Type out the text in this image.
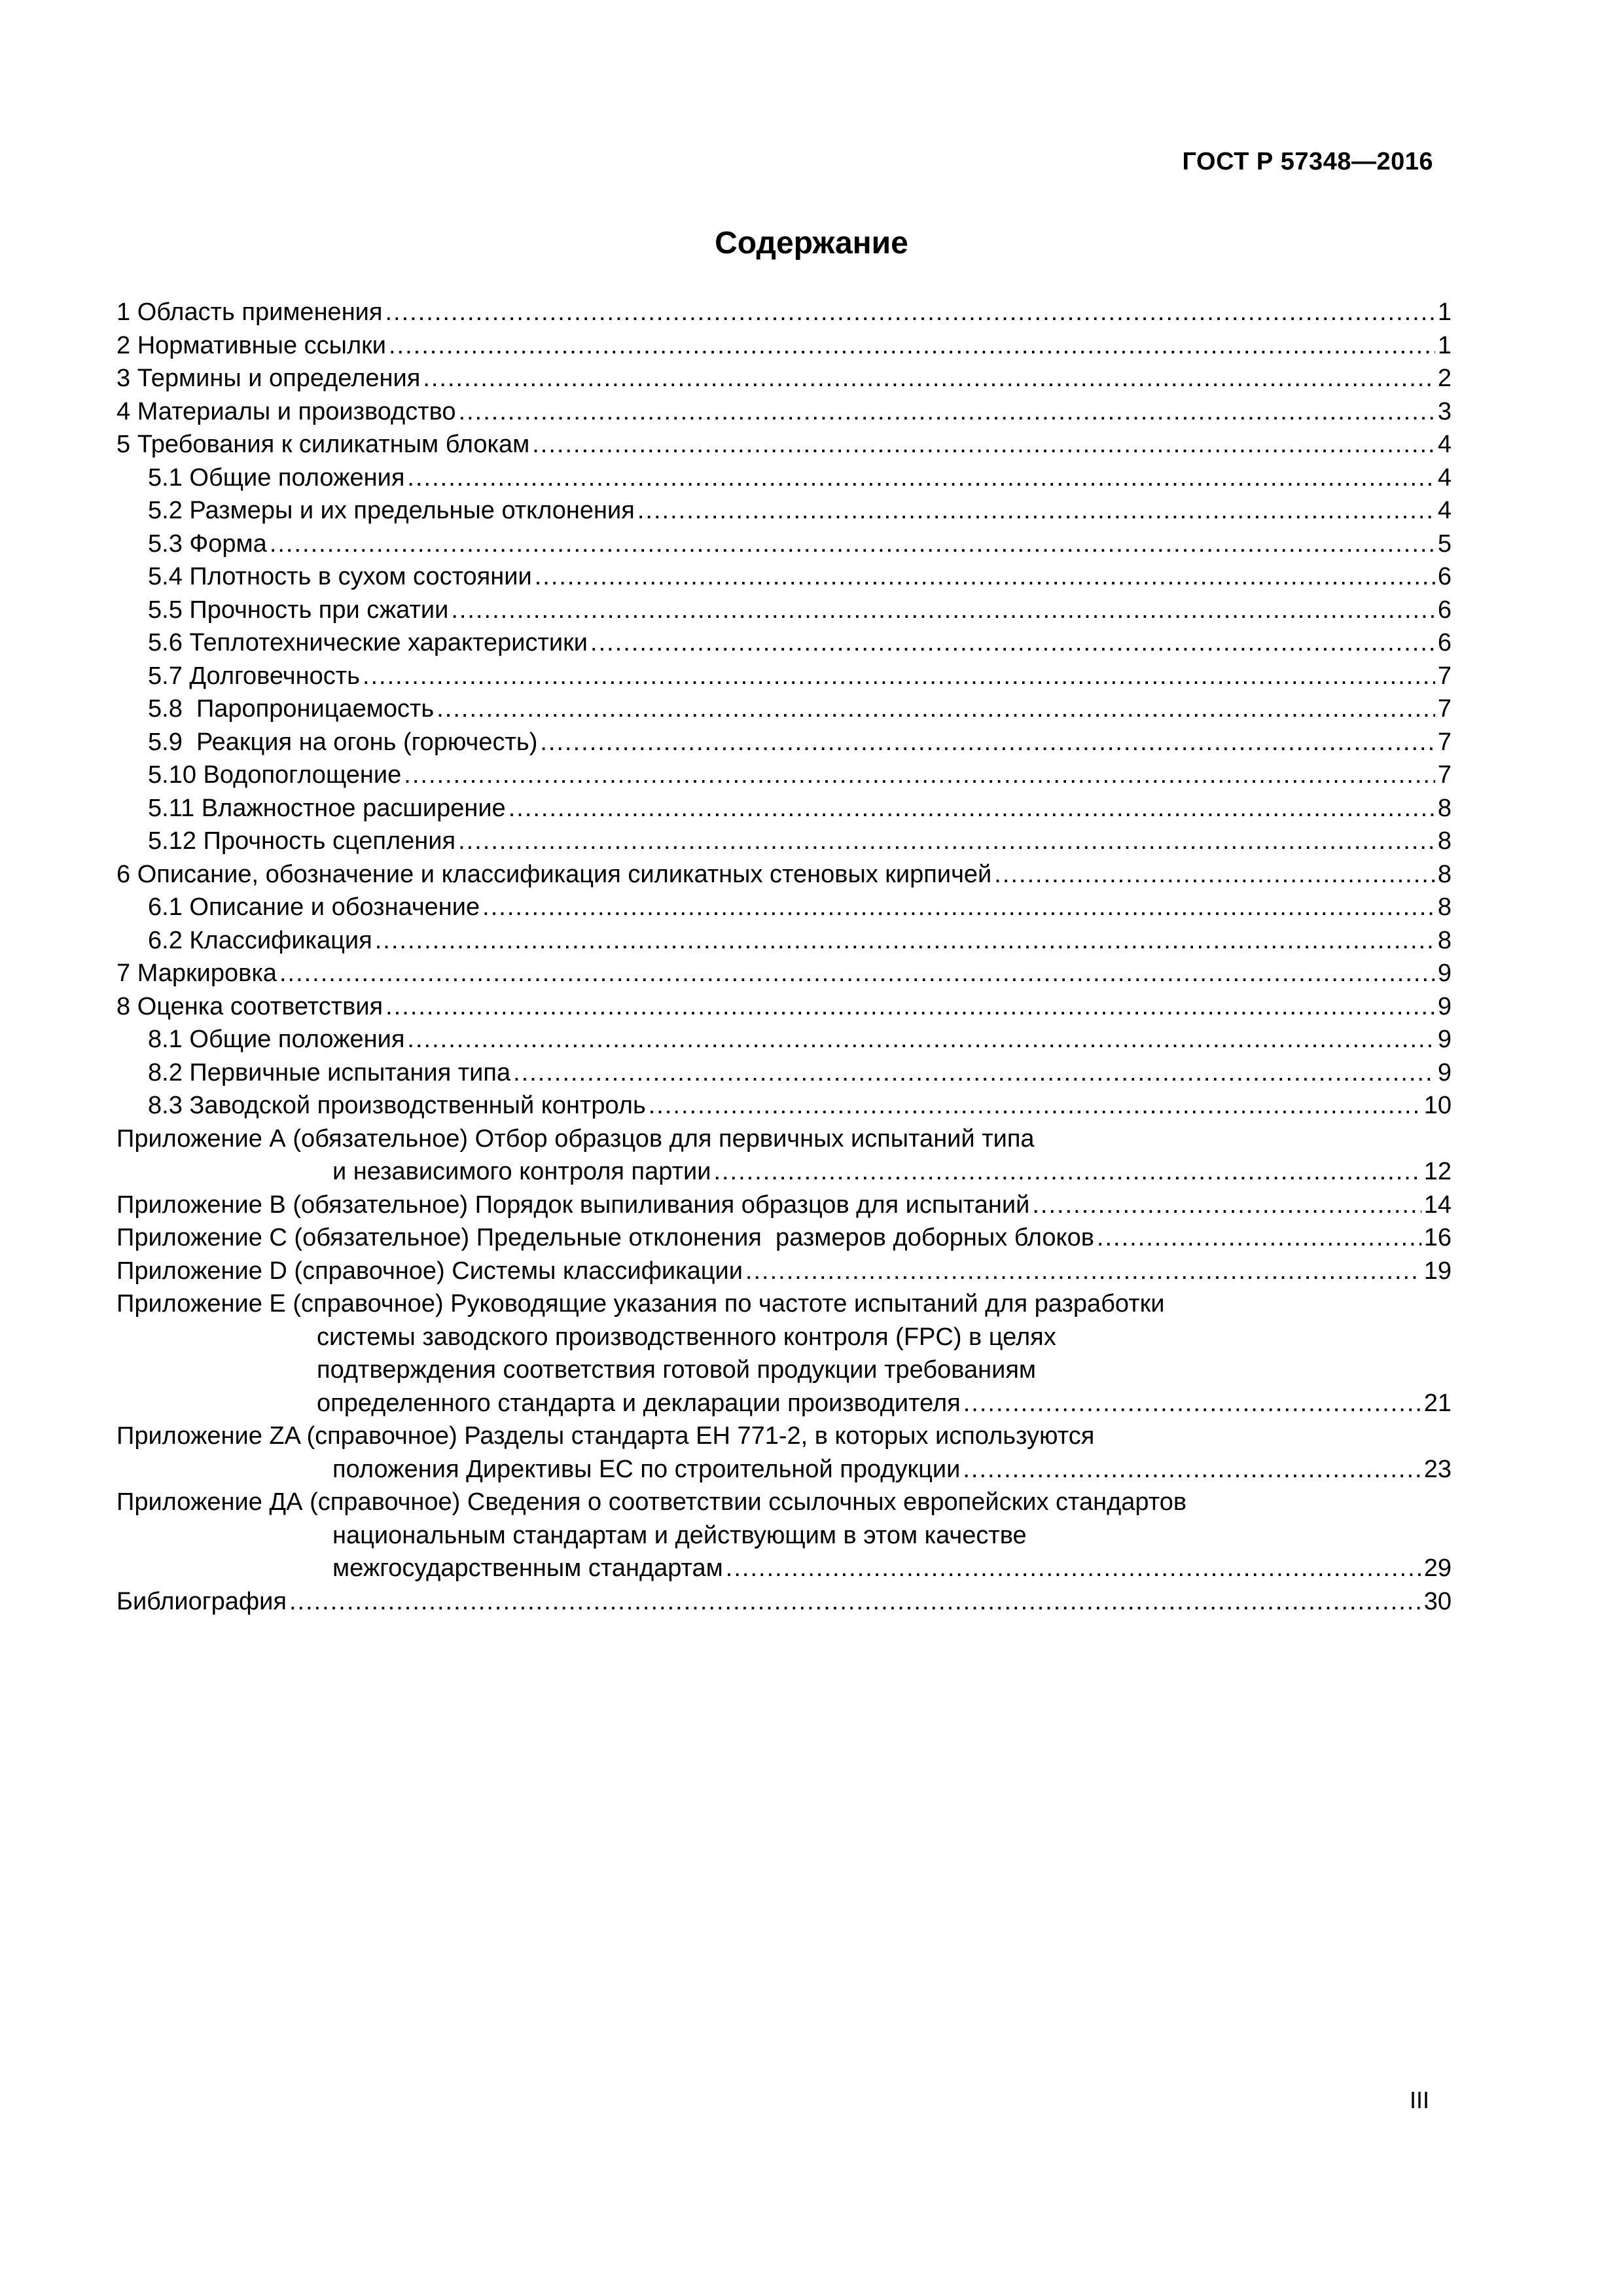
ГОСТ Р 57348—2016
Содержание
1 Область применения .....	1
2 Нормативные ссылки .....	1
3 Термины и определения .....	2
4 Материалы и производство .....	3
5 Требования к силикатным блокам .....	4
5.1 Общие положения .....	4
5.2 Размеры и их предельные отклонения .....	4
5.3 Форма .....	5
5.4 Плотность в сухом состоянии .....	6
5.5 Прочность при сжатии .....	6
5.6 Теплотехнические характеристики .....	6
5.7 Долговечность .....	7
5.8  Паропроницаемость .....	7
5.9  Реакция на огонь (горючесть) .....	7
5.10 Водопоглощение .....	7
5.11 Влажностное расширение .....	8
5.12 Прочность сцепления .....	8
6 Описание, обозначение и классификация силикатных стеновых кирпичей .....	8
6.1 Описание и обозначение .....	8
6.2 Классификация .....	8
7 Маркировка .....	9
8 Оценка соответствия .....	9
8.1 Общие положения .....	9
8.2 Первичные испытания типа .....	9
8.3 Заводской производственный контроль .....	10
Приложение А (обязательное) Отбор образцов для первичных испытаний типа
и независимого контроля партии .....	12
Приложение В (обязательное) Порядок выпиливания образцов для испытаний .....	14
Приложение С (обязательное) Предельные отклонения  размеров доборных блоков .....	16
Приложение D (справочное) Системы классификации .....	19
Приложение Е (справочное) Руководящие указания по частоте испытаний для разработки
системы заводского производственного контроля (FPC) в целях
подтверждения соответствия готовой продукции требованиям
определенного стандарта и декларации производителя .....	21
Приложение ZA (справочное) Разделы стандарта ЕН 771-2, в которых используются
положения Директивы ЕС по строительной продукции .....	23
Приложение ДА (справочное) Сведения о соответствии ссылочных европейских стандартов
национальным стандартам и действующим в этом качестве
межгосударственным стандартам .....	29
Библиография .....	30
III
